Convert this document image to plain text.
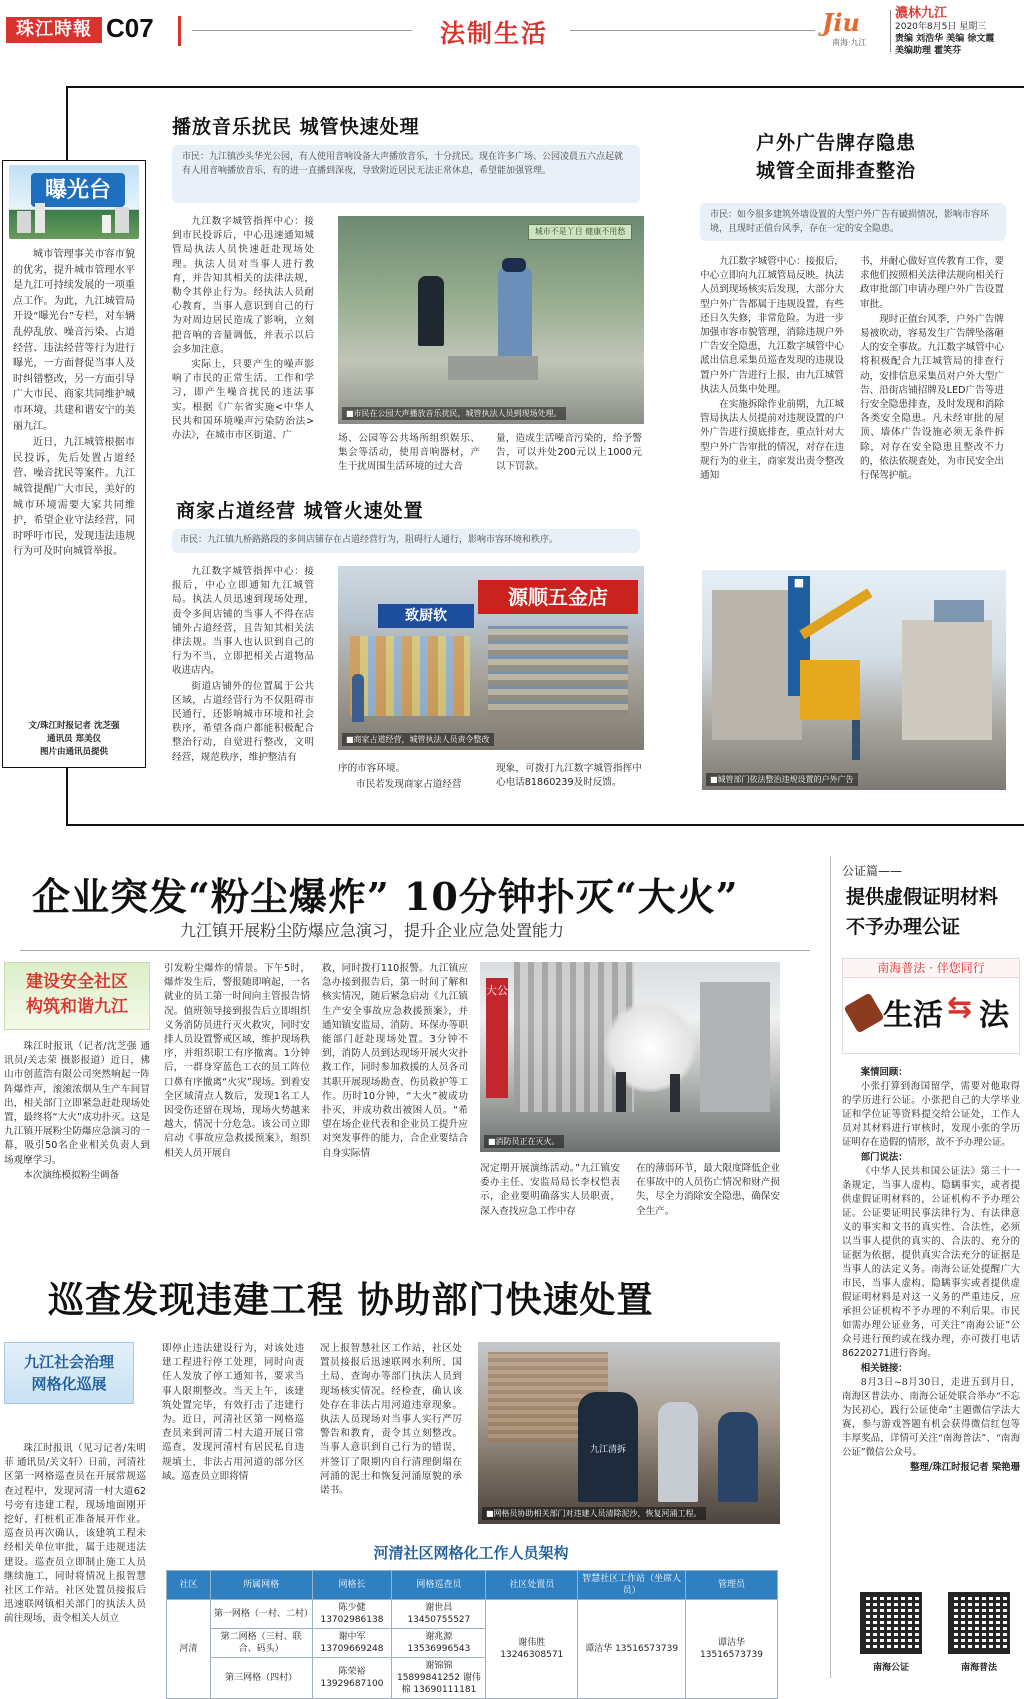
珠江時報 C07	法制生活	Jiu
南海·九江
濃林九江
2020年8月5日 星期三
责编 刘浩华 美编 徐文霞
美编助理 霍笑芬
曝光台

城市管理事关市容市貌的优劣，提升城市管理水平是九江可持续发展的一项重点工作。为此，九江城管局开设“曝光台”专栏，对车辆乱停乱放、噪音污染、占道经营、违法经营等行为进行曝光，一方面督促当事人及时纠错整改，另一方面引导广大市民、商家共同维护城市环境，共建和谐安宁的美丽九江。

近日，九江城管根据市民投诉，先后处置占道经营、噪音扰民等案件。九江城管提醒广大市民，美好的城市环境需要大家共同维护，希望企业守法经营，同时呼吁市民，发现违法违规行为可及时向城管举报。

文/珠江时报记者 沈芝强
通讯员 郑美仪
图片由通讯员提供
播放音乐扰民 城管快速处理
市民：九江镇沙头华光公园，有人使用音响设备大声播放音乐，十分扰民。现在许多广场、公园凌晨五六点起就有人用音响播放音乐，有的进一直播到深夜，导致附近居民无法正常休息，希望能加强管理。

九江数字城管指挥中心：接到市民投诉后，中心迅速通知城管局执法人员快速赶赴现场处理。执法人员对当事人进行教育，并告知其相关的法律法规，勒令其停止行为。经执法人员耐心教育，当事人意识到自己的行为对周边居民造成了影响，立刻把音响的音量调低，并表示以后会多加注意。

实际上，只要产生的噪声影响了市民的正常生活、工作和学习，即产生噪音扰民的违法事实。根据《广东省实施<中华人民共和国环境噪声污染防治法>办法》，在城市市区街道、广

城市不是丫目 健康不用愁
■市民在公园大声播放音乐扰民，城管执法人员到现场处理。
场、公园等公共场所组织娱乐、集会等活动，使用音响器材，产生干扰周围生活环境的过大音
量，造成生活噪音污染的，给予警告，可以并处200元以上1000元以下罚款。
商家占道经营 城管火速处置
市民：九江镇九桥路路段的多间店铺存在占道经营行为，阻碍行人通行，影响市容环境和秩序。

九江数字城管指挥中心：接报后，中心立即通知九江城管局。执法人员迅速到现场处理，责令多间店铺的当事人不得在店铺外占道经营，且告知其相关法律法规。当事人也认识到自己的行为不当，立即把相关占道物品收进店内。

街道店铺外的位置属于公共区域，占道经营行为不仅阻碍市民通行，还影响城市环境和社会秩序，希望各商户都能积极配合整治行动，自觉进行整改，文明经营，规范秩序，维护整洁有

源顺五金店
致厨软
■商家占道经营，城管执法人员责令整改
序的市容环境。
市民若发现商家占道经营
现象，可拨打九江数字城管指挥中心电话81860239及时反馈。
户外广告牌存隐患
城管全面排查整治
市民：如今很多建筑外墙设置的大型户外广告有破损情况，影响市容环境，且现时正值台风季，存在一定的安全隐患。

九江数字城管中心：接报后，中心立即向九江城管局反映。执法人员到现场核实后发现，大部分大型户外广告都属于违规设置，有些还日久失修，非常危险。为进一步加强市容市貌管理，消除违规户外广告安全隐患，九江数字城管中心派出信息采集员巡查发现的违规设置户外广告进行上报，由九江城管执法人员集中处理。

在实施拆除作业前期，九江城管局执法人员提前对违规设置的户外广告进行摸底排查，重点针对大型户外广告审批的情况，对存在违规行为的业主，商家发出责令整改通知

书，并耐心做好宣传教育工作，要求他们按照相关法律法规向相关行政审批部门申请办理户外广告设置审批。

现时正值台风季，户外广告牌易被吹动，容易发生广告牌坠落砸人的安全事故。九江数字城管中心将积极配合九江城管局的排查行动，安排信息采集员对户外大型广告、沿街店铺招牌及LED广告等进行安全隐患排查，及时发现和消除各类安全隐患。凡未经审批的屋顶、墙体广告设施必须无条件拆除，对存在安全隐患且整改不力的，依法依规查处，为市民安全出行保驾护航。

■
■城管部门依法整治违规设置的户外广告
企业突发“粉尘爆炸” 10分钟扑灭“大火”
九江镇开展粉尘防爆应急演习，提升企业应急处置能力
建设安全社区
构筑和谐九江

珠江时报讯（记者/沈芝强 通讯员/关志荣 摄影报道）近日，佛山市创蓝浩有限公司突然响起一阵阵爆炸声，滚滚浓烟从生产车间冒出，相关部门立即紧急赶赴现场处置，最终将“大火”成功扑灭。这是九江镇开展粉尘防爆应急演习的一幕，吸引50名企业相关负责人到场观摩学习。

本次演练模拟粉尘调备

引发粉尘爆炸的情景。下午5时，爆炸发生后，警报随即响起，一名就业的员工第一时间向主管报告情况。值班领导接到报告后立即组织义务消防员进行灭火救灾，同时安排人员设置警戒区域，维护现场秩序，并组织职工有序撤离。1分钟后，一群身穿蓝色工衣的员工阵位口鼻有序撤离“火灾”现场。到着安全区域清点人数后，发现1名工人因受伤还留在现场，现场火势越来越大，情况十分危急。该公司立即启动《事故应急救援预案》，组织相关人员开展自
救，同时拨打110报警。九江镇应急办接到报告后，第一时间了解和核实情况，随后紧急启动《九江镇生产安全事故应急救援预案》，并通知镇安监局、消防、环保办等职能部门赶赴现场处置。3分钟不到，消防人员到达现场开展火灾扑救工作，同时参加救援的人员各司其职开展现场勘查、伤员救护等工作。历时10分钟，“大火”被成功扑灭，并成功救出被困人员。“希望在场企业代表和企业员工提升应对突发事件的能力，合企业要结合自身实际情
大公
■消防员正在灭火。
况定期开展演练活动。”九江镇安委办主任、安监局局长李权恺表示，企业要明确落实人员职责，深入查找应急工作中存
在的薄弱环节，最大限度降低企业在事故中的人员伤亡情况和财产损失，尽全力消除安全隐患，确保安全生产。
公证篇——
提供虚假证明材料
不予办理公证
南海普法 · 伴您同行
生活 ⇆ 法
案情回顾：

小张打算到海国留学，需要对他取得的学历进行公证。小张把自己的大学毕业证和学位证等资料提交给公证处，工作人员对其材料进行审核时，发现小张的学历证明存在造假的情形，故不予办理公证。

部门说法：

《中华人民共和国公证法》第三十一条规定，当事人虚构、隐瞒事实，或者提供虚假证明材料的，公证机构不予办理公证。公证要证明民事法律行为、有法律意义的事实和文书的真实性、合法性，必须以当事人提供的真实的、合法的、充分的证据为依据，提供真实合法充分的证据是当事人的法定义务。南海公证处提醒广大市民，当事人虚构、隐瞒事实或者提供虚假证明材料是对这一义务的严重违反，应承担公证机构不予办理的不利后果。市民如需办理公证业务，可关注“南海公证”公众号进行预约或在线办理，亦可拨打电话86220271进行咨询。

相关链接：

8月3日~8月30日，走进五到月日，南海区普法办、南海公证处联合举办“不忘为民初心，践行公证使命”主题微信学法大赛，参与游戏答题有机会获得微信红包等丰厚奖品，详情可关注“南海普法”、“南海公证”微信公众号。

整理/珠江时报记者 梁艳珊
南海公证	南海普法
巡查发现违建工程 协助部门快速处置
九江社会治理
网格化巡展
珠江时报讯（见习记者/朱明菲 通讯员/关文轩）日前，河清社区第一网格巡查员在开展常规巡查过程中，发现河清一村大道62号旁有违建工程，现场地面刚开挖好，打桩机正准备展开作业。巡查员再次确认，该建筑工程未经相关单位审批，属于违规违法建设。巡查员立即制止施工人员继续施工，同时将情况上报智慧社区工作站。社区处置员接报后迅速联网镇相关部门的执法人员前往现场，责令相关人员立
即停止违法建设行为，对该处违建工程进行停工处理，同时向责任人发放了停工通知书，要求当事人限期整改。当天上午，该建筑处置完毕，有效打击了违建行为。近日，河清社区第一网格巡查员来到河清二村大道开展日常巡查，发现河清村有居民私自违规填土，非法占用河道的部分区域。巡查员立即将情
况上报智慧社区工作站，社区处置员接报后迅速联网水利所、国土局、查询办等部门执法人员到现场核实情况。经检查，确认该处存在非法占用河道违章现象。执法人员现场对当事人实行严厉警告和教育，责令其立刻整改。当事人意识到自己行为的错误，并签订了限期内自行清理倒塌在河涌的泥土和恢复河涌原貌的承诺书。
九江清拆
■网格员协助相关部门对违建人员清除泥沙，恢复河涌工程。
河清社区网格化工作人员架构
社区	所属网格	网格长	网格巡查员	社区处置员	智慧社区工作站（坐席人员）	管理员
河清	第一网格（一村、二村）	陈少健 13702986138	谢世昌 13450755527	谢伟胜 13246308571	谭洁华 13516573739	谭洁华 13516573739
	第二网格（三村、联合、码头）	谢中军 13709669248	谢兆源 13536996543			
	第三网格（四村）	陈荣裕 13929687100	谢锦锦 15899841252 谢伟棉 13690111181			
